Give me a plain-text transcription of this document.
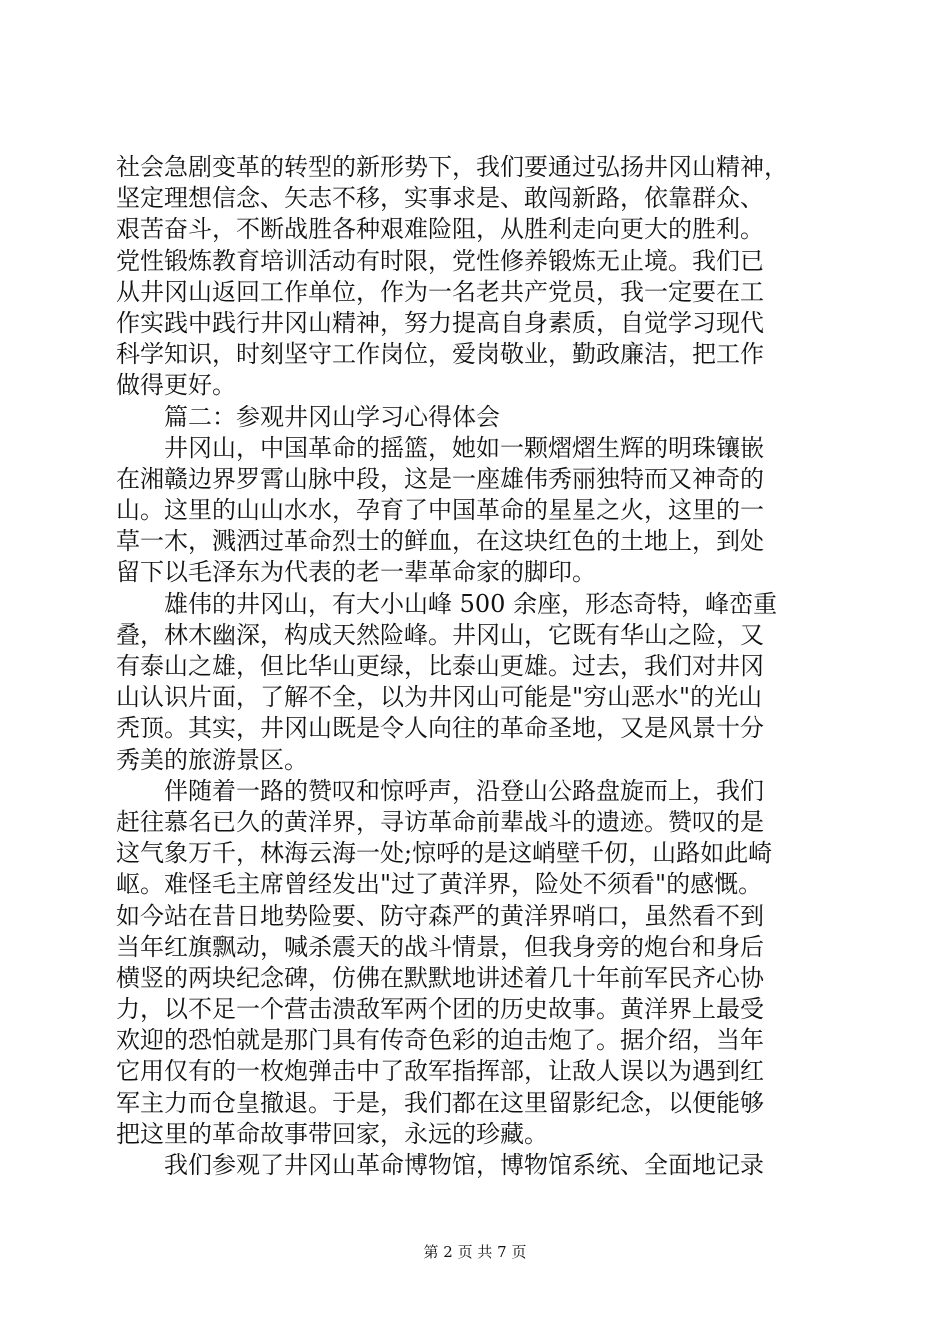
社会急剧变革的转型的新形势下，我们要通过弘扬井冈山精神，
坚定理想信念、矢志不移，实事求是、敢闯新路，依靠群众、
艰苦奋斗，不断战胜各种艰难险阻，从胜利走向更大的胜利。
党性锻炼教育培训活动有时限，党性修养锻炼无止境。我们已
从井冈山返回工作单位，作为一名老共产党员，我一定要在工
作实践中践行井冈山精神，努力提高自身素质，自觉学习现代
科学知识，时刻坚守工作岗位，爱岗敬业，勤政廉洁，把工作
做得更好。
篇二：参观井冈山学习心得体会
井冈山，中国革命的摇篮，她如一颗熠熠生辉的明珠镶嵌
在湘赣边界罗霄山脉中段，这是一座雄伟秀丽独特而又神奇的
山。这里的山山水水，孕育了中国革命的星星之火，这里的一
草一木，溅洒过革命烈士的鲜血，在这块红色的土地上，到处
留下以毛泽东为代表的老一辈革命家的脚印。
雄伟的井冈山，有大小山峰 500 余座，形态奇特，峰峦重
叠，林木幽深，构成天然险峰。井冈山，它既有华山之险，又
有泰山之雄，但比华山更绿，比泰山更雄。过去，我们对井冈
山认识片面，了解不全，以为井冈山可能是"穷山恶水"的光山
秃顶。其实，井冈山既是令人向往的革命圣地，又是风景十分
秀美的旅游景区。
伴随着一路的赞叹和惊呼声，沿登山公路盘旋而上，我们
赶往慕名已久的黄洋界，寻访革命前辈战斗的遗迹。赞叹的是
这气象万千，林海云海一处;惊呼的是这峭壁千仞，山路如此崎
岖。难怪毛主席曾经发出"过了黄洋界，险处不须看"的感慨。
如今站在昔日地势险要、防守森严的黄洋界哨口，虽然看不到
当年红旗飘动，喊杀震天的战斗情景，但我身旁的炮台和身后
横竖的两块纪念碑，仿佛在默默地讲述着几十年前军民齐心协
力，以不足一个营击溃敌军两个团的历史故事。黄洋界上最受
欢迎的恐怕就是那门具有传奇色彩的迫击炮了。据介绍，当年
它用仅有的一枚炮弹击中了敌军指挥部，让敌人误以为遇到红
军主力而仓皇撤退。于是，我们都在这里留影纪念，以便能够
把这里的革命故事带回家，永远的珍藏。
我们参观了井冈山革命博物馆，博物馆系统、全面地记录
第 2 页 共 7 页
